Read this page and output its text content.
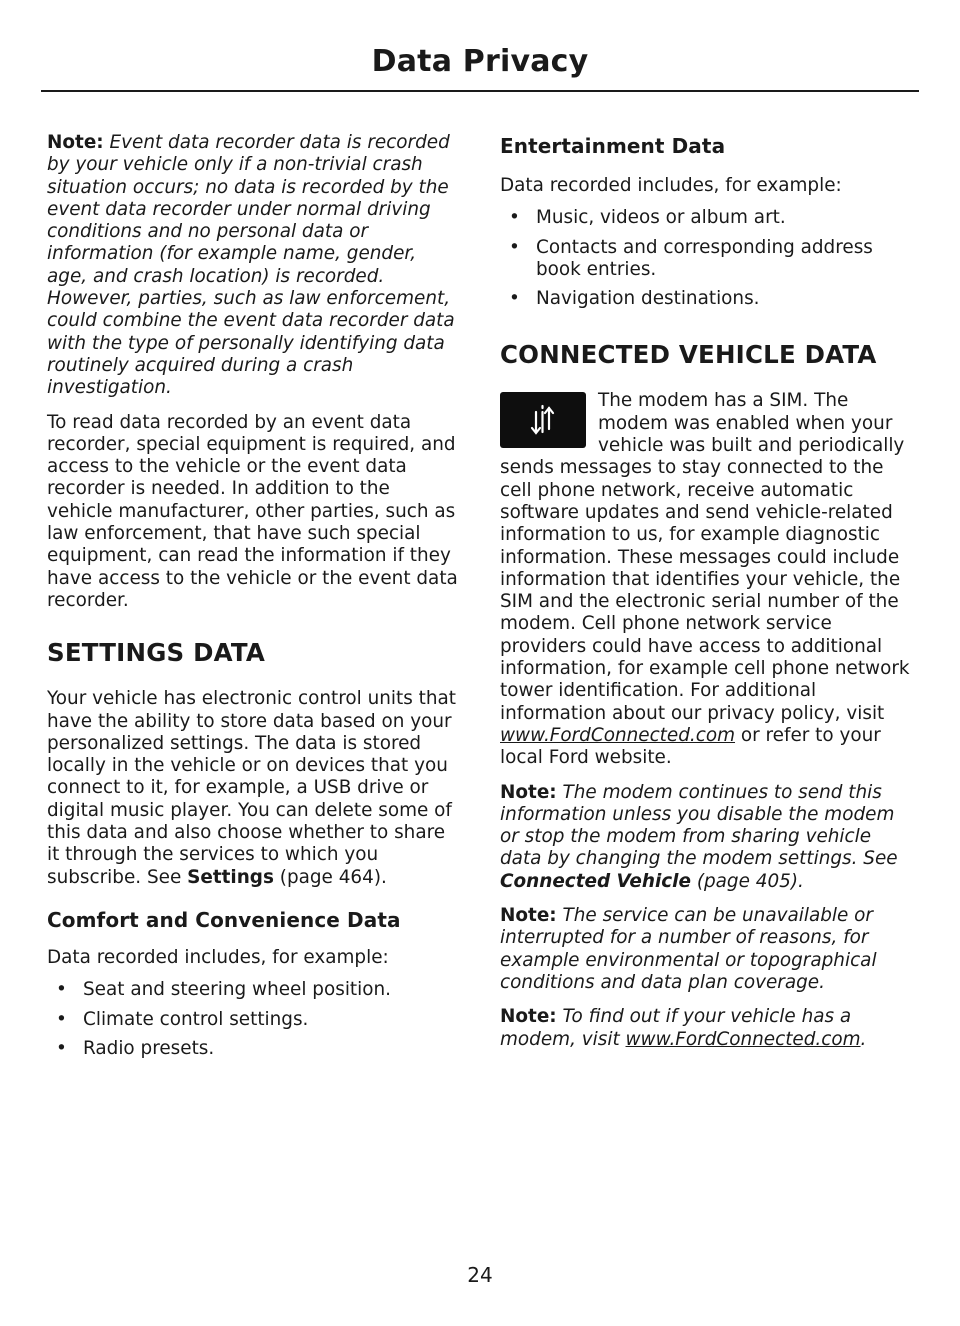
Data Privacy

Note: Event data recorder data is recorded by your vehicle only if a non-trivial crash situation occurs; no data is recorded by the event data recorder under normal driving conditions and no personal data or information (for example name, gender, age, and crash location) is recorded. However, parties, such as law enforcement, could combine the event data recorder data with the type of personally identifying data routinely acquired during a crash investigation.

To read data recorded by an event data recorder, special equipment is required, and access to the vehicle or the event data recorder is needed. In addition to the vehicle manufacturer, other parties, such as law enforcement, that have such special equipment, can read the information if they have access to the vehicle or the event data recorder.

SETTINGS DATA

Your vehicle has electronic control units that have the ability to store data based on your personalized settings. The data is stored locally in the vehicle or on devices that you connect to it, for example, a USB drive or digital music player. You can delete some of this data and also choose whether to share it through the services to which you subscribe. See Settings (page 464).

Comfort and Convenience Data

Data recorded includes, for example:

• Seat and steering wheel position.
• Climate control settings.
• Radio presets.
Entertainment Data

Data recorded includes, for example:

• Music, videos or album art.
• Contacts and corresponding address book entries.
• Navigation destinations.
CONNECTED VEHICLE DATA

The modem has a SIM. The modem was enabled when your vehicle was built and periodically sends messages to stay connected to the cell phone network, receive automatic software updates and send vehicle-related information to us, for example diagnostic information. These messages could include information that identifies your vehicle, the SIM and the electronic serial number of the modem. Cell phone network service providers could have access to additional information, for example cell phone network tower identification. For additional information about our privacy policy, visit www.FordConnected.com or refer to your local Ford website.

Note: The modem continues to send this information unless you disable the modem or stop the modem from sharing vehicle data by changing the modem settings. See Connected Vehicle (page 405).

Note: The service can be unavailable or interrupted for a number of reasons, for example environmental or topographical conditions and data plan coverage.

Note: To find out if your vehicle has a modem, visit www.FordConnected.com.

24
